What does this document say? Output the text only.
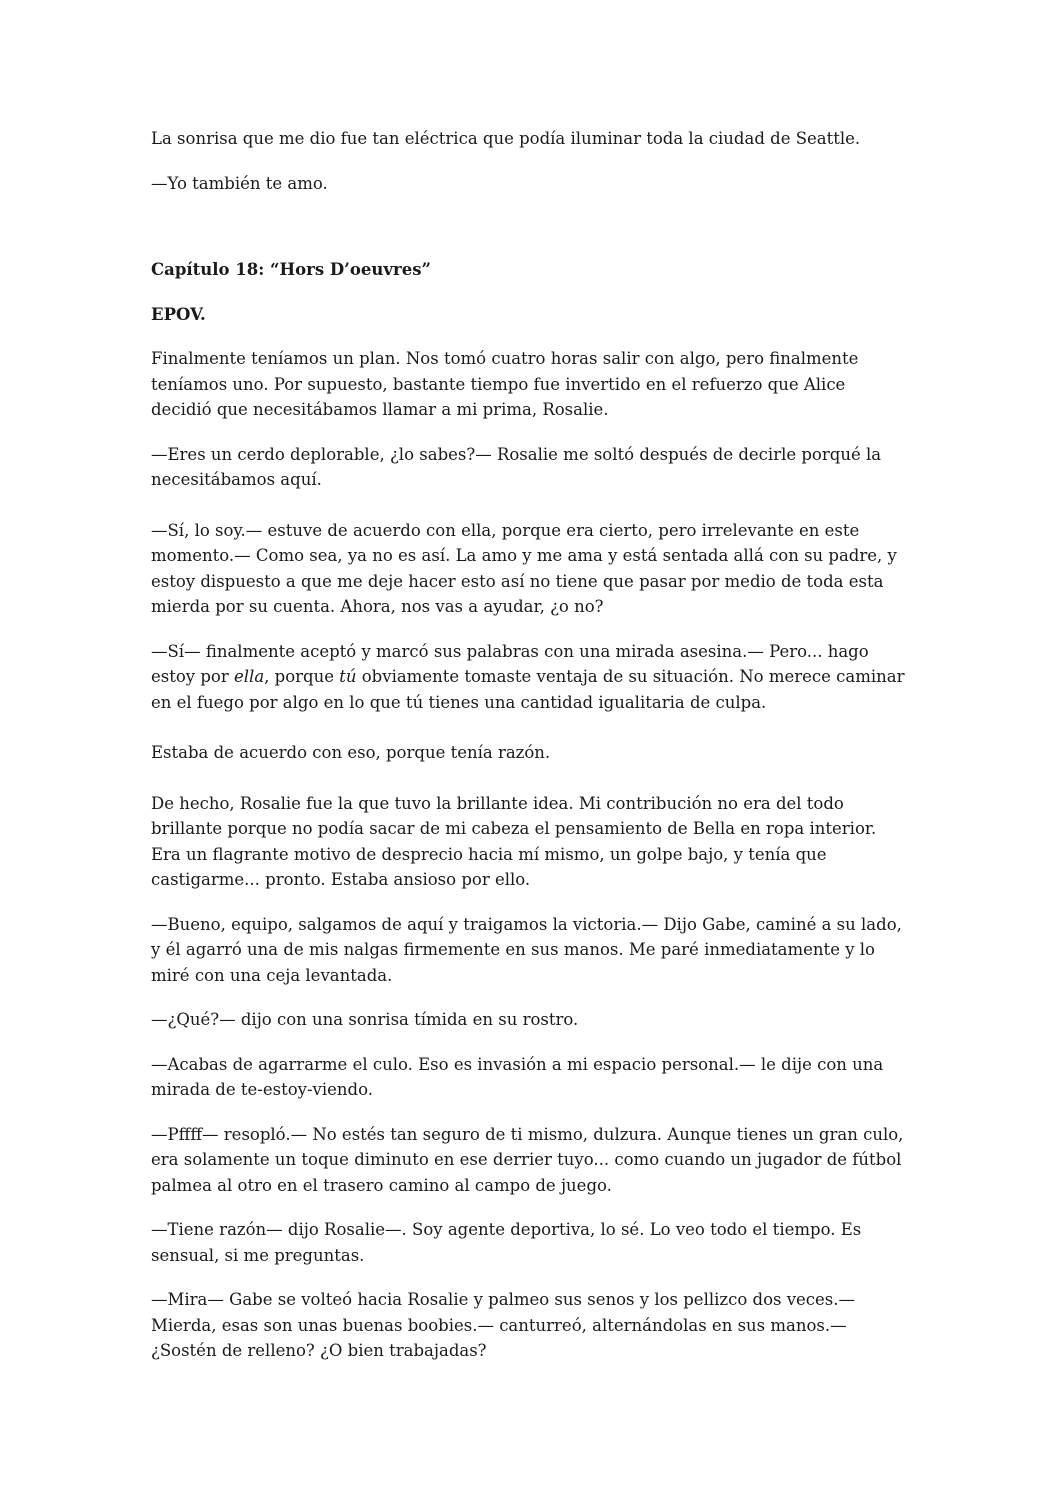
La sonrisa que me dio fue tan eléctrica que podía iluminar toda la ciudad de Seattle.

—Yo también te amo.

Capítulo 18: “Hors D’oeuvres”

EPOV.

Finalmente teníamos un plan. Nos tomó cuatro horas salir con algo, pero finalmente teníamos uno. Por supuesto, bastante tiempo fue invertido en el refuerzo que Alice decidió que necesitábamos llamar a mi prima, Rosalie.

—Eres un cerdo deplorable, ¿lo sabes?— Rosalie me soltó después de decirle porqué la necesitábamos aquí.

—Sí, lo soy.— estuve de acuerdo con ella, porque era cierto, pero irrelevante en este momento.— Como sea, ya no es así. La amo y me ama y está sentada allá con su padre, y estoy dispuesto a que me deje hacer esto así no tiene que pasar por medio de toda esta mierda por su cuenta. Ahora, nos vas a ayudar, ¿o no?

—Sí— finalmente aceptó y marcó sus palabras con una mirada asesina.— Pero... hago estoy por ella, porque tú obviamente tomaste ventaja de su situación. No merece caminar en el fuego por algo en lo que tú tienes una cantidad igualitaria de culpa.

Estaba de acuerdo con eso, porque tenía razón.

De hecho, Rosalie fue la que tuvo la brillante idea. Mi contribución no era del todo brillante porque no podía sacar de mi cabeza el pensamiento de Bella en ropa interior. Era un flagrante motivo de desprecio hacia mí mismo, un golpe bajo, y tenía que castigarme... pronto. Estaba ansioso por ello.

—Bueno, equipo, salgamos de aquí y traigamos la victoria.— Dijo Gabe, caminé a su lado, y él agarró una de mis nalgas firmemente en sus manos. Me paré inmediatamente y lo miré con una ceja levantada.

—¿Qué?— dijo con una sonrisa tímida en su rostro.

—Acabas de agarrarme el culo. Eso es invasión a mi espacio personal.— le dije con una mirada de te-estoy-viendo.

—Pffff— resopló.— No estés tan seguro de ti mismo, dulzura. Aunque tienes un gran culo, era solamente un toque diminuto en ese derrier tuyo... como cuando un jugador de fútbol palmea al otro en el trasero camino al campo de juego.

—Tiene razón— dijo Rosalie—. Soy agente deportiva, lo sé. Lo veo todo el tiempo. Es sensual, si me preguntas.

—Mira— Gabe se volteó hacia Rosalie y palmeo sus senos y los pellizco dos veces.— Mierda, esas son unas buenas boobies.— canturreó, alternándolas en sus manos.— ¿Sostén de relleno? ¿O bien trabajadas?
